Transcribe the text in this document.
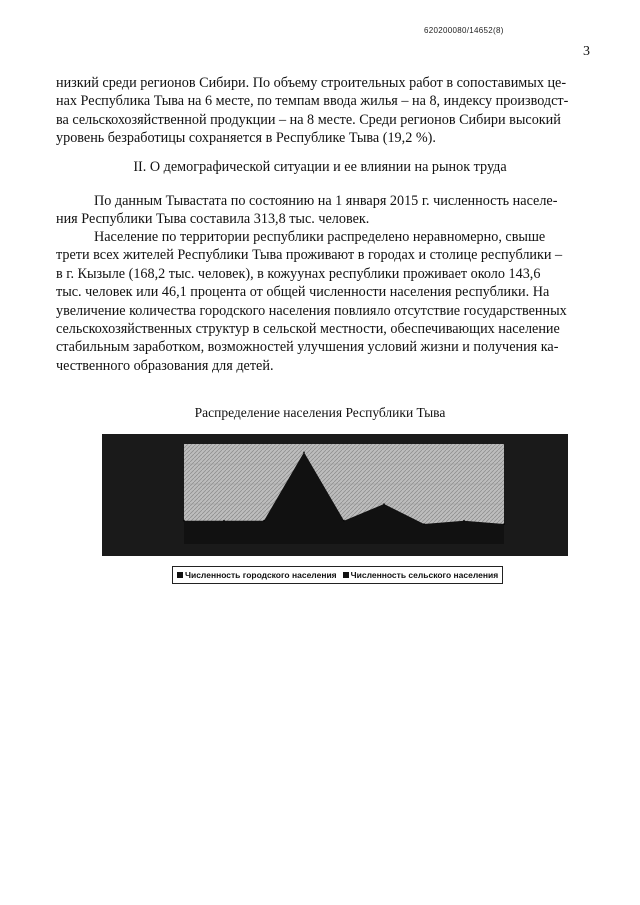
620200080/14652(8)
3
низкий среди регионов Сибири. По объему строительных работ в сопоставимых це-
нах Республика Тыва на 6 месте, по темпам ввода жилья – на 8, индексу производст-
ва сельскохозяйственной продукции – на 8 месте. Среди регионов Сибири высокий
уровень безработицы сохраняется в Республике Тыва (19,2 %).
II. О демографической ситуации и ее влиянии на рынок труда
По данным Тывастата по состоянию на 1 января 2015 г. численность населе-
ния Республики Тыва составила 313,8 тыс. человек.
Население по территории республики распределено неравномерно, свыше
трети всех жителей Республики Тыва проживают в городах и столице республики –
в г. Кызыле (168,2 тыс. человек), в кожуунах республики проживает около 143,6
тыс. человек или 46,1 процента от общей численности населения республики. На
увеличение количества городского населения повлияло отсутствие государственных
сельскохозяйственных структур в сельской местности, обеспечивающих население
стабильным заработком, возможностей улучшения условий жизни и получения ка-
чественного образования для детей.
Распределение населения Республики Тыва
Численность городского населения	Численность сельского населения
